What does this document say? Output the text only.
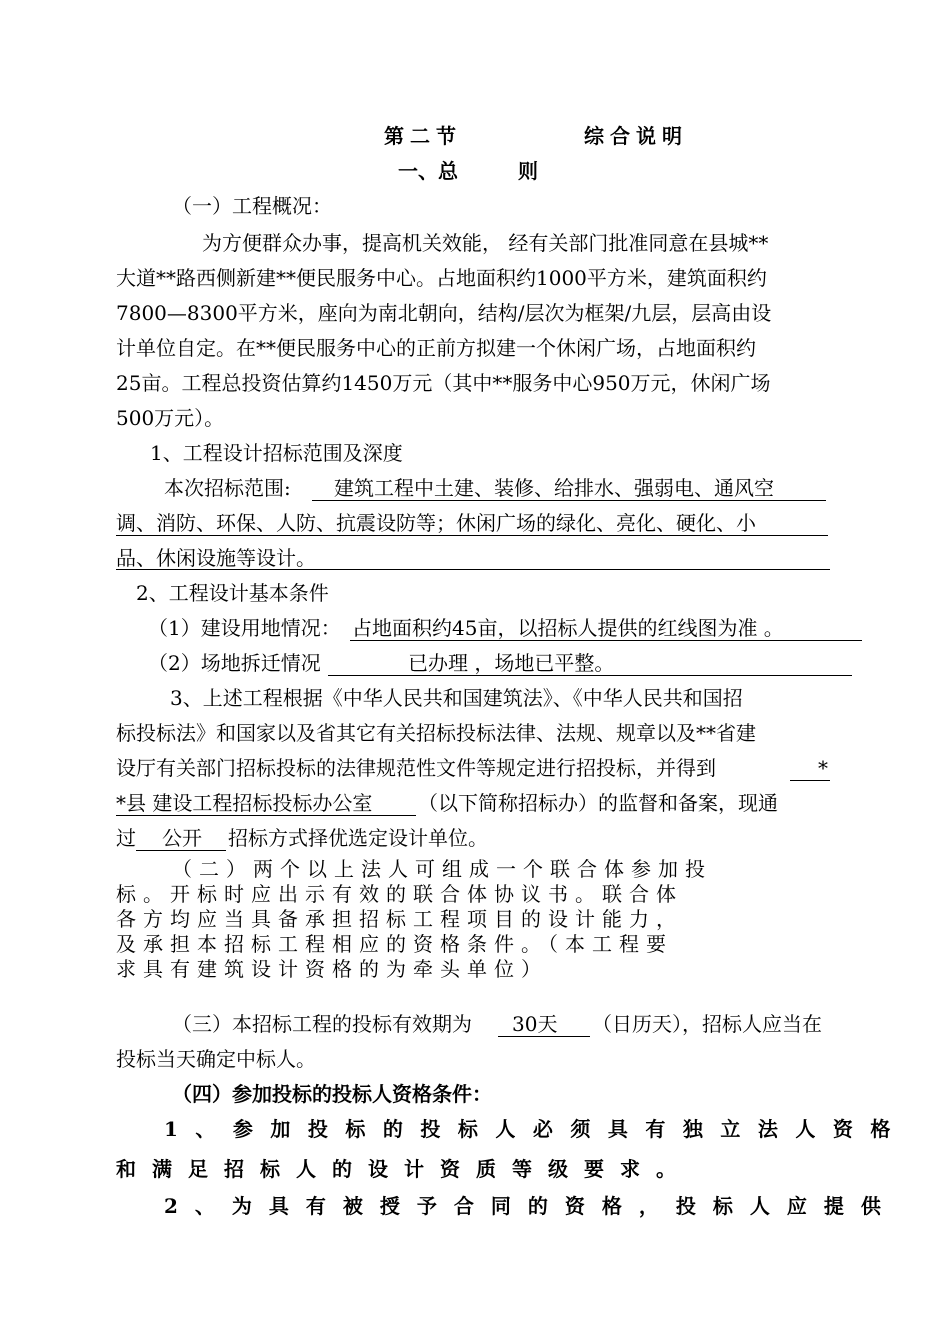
第二节	综合说明
一、总　　　则
（一）工程概况：
为方便群众办事，提高机关效能， 经有关部门批准同意在县城**
大道**路西侧新建**便民服务中心。占地面积约1000平方米，建筑面积约
7800—8300平方米，座向为南北朝向，结构/层次为框架/九层，层高由设
计单位自定。在**便民服务中心的正前方拟建一个休闲广场，占地面积约
25亩。工程总投资估算约1450万元（其中**服务中心950万元，休闲广场
500万元）。
1、工程设计招标范围及深度
本次招标范围: 建筑工程中土建、装修、给排水、强弱电、通风空
调、消防、环保、人防、抗震设防等；休闲广场的绿化、亮化、硬化、小
品、休闲设施等设计。
2、工程设计基本条件
（1）建设用地情况： 占地面积约45亩，以招标人提供的红线图为准 。
（2）场地拆迁情况	已办理 ，场地已平整。
3、上述工程根据《中华人民共和国建筑法》、《中华人民共和国招
标投标法》和国家以及省其它有关招标投标法律、法规、规章以及**省建
设厅有关部门招标投标的法律规范性文件等规定进行招投标，并得到	*
*县 建设工程招标投标办公室 （以下简称招标办）的监督和备案，现通
过 公开 招标方式择优选定设计单位。
（二）两个以上法人可组成一个联合体参加投
标。开标时应出示有效的联合体协议书。联合体
各方均应当具备承担招标工程项目的设计能力，
及承担本招标工程相应的资格条件。（本工程要
求具有建筑设计资格的为牵头单位）
（三）本招标工程的投标有效期为 30天 （日历天），招标人应当在
投标当天确定中标人。
（四）参加投标的投标人资格条件：
1、参加投标的投标人必须具有独立法人资格
和满足招标人的设计资质等级要求。
2、为具有被授予合同的资格，投标人应提供
